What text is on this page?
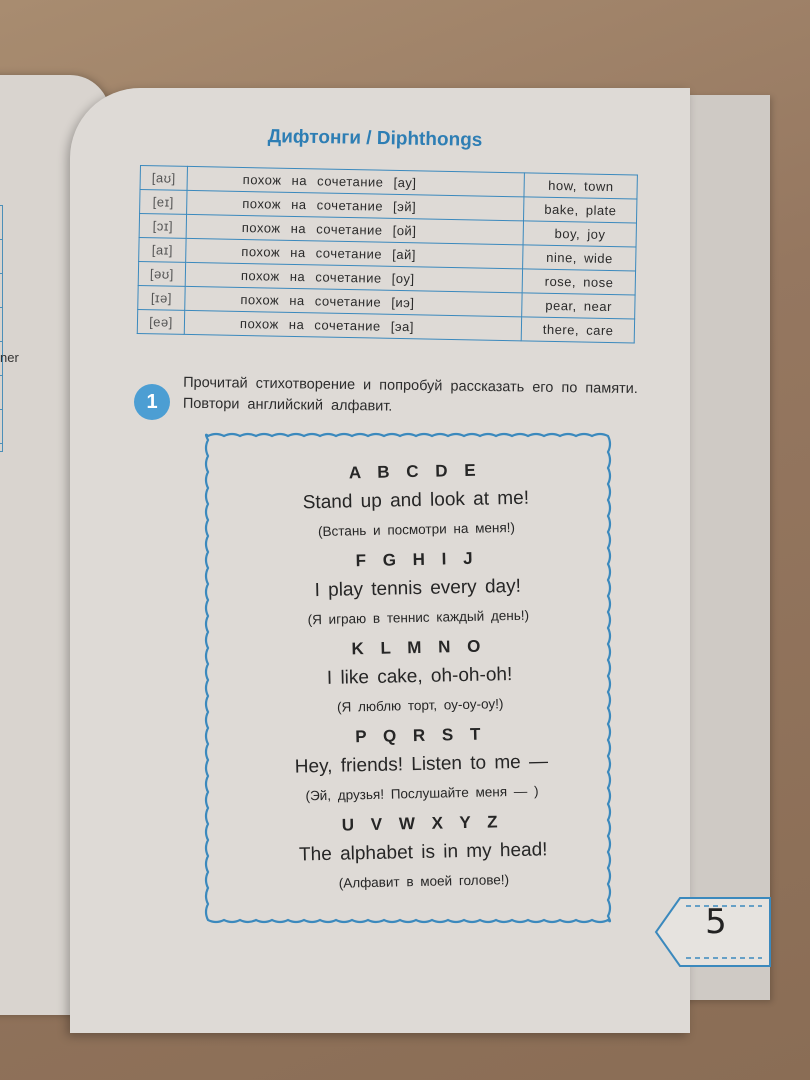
ner
Дифтонги / Diphthongs
[aʊ]	похож на сочетание [ау]	how, town
[eɪ]	похож на сочетание [эй]	bake, plate
[ɔɪ]	похож на сочетание [ой]	boy, joy
[aɪ]	похож на сочетание [ай]	nine, wide
[əʊ]	похож на сочетание [оу]	rose, nose
[ɪə]	похож на сочетание [иэ]	pear, near
[eə]	похож на сочетание [эа]	there, care
1
Прочитай стихотворение и попробуй рассказать его по памяти. Повтори английский алфавит.
A B C D E
Stand up and look at me!
(Встань и посмотри на меня!)
F G H I J
I play tennis every day!
(Я играю в теннис каждый день!)
K L M N O
I like cake, oh-oh-oh!
(Я люблю торт, оу-оу-оу!)
P Q R S T
Hey, friends! Listen to me —
(Эй, друзья! Послушайте меня — )
U V W X Y Z
The alphabet is in my head!
(Алфавит в моей голове!)
5
